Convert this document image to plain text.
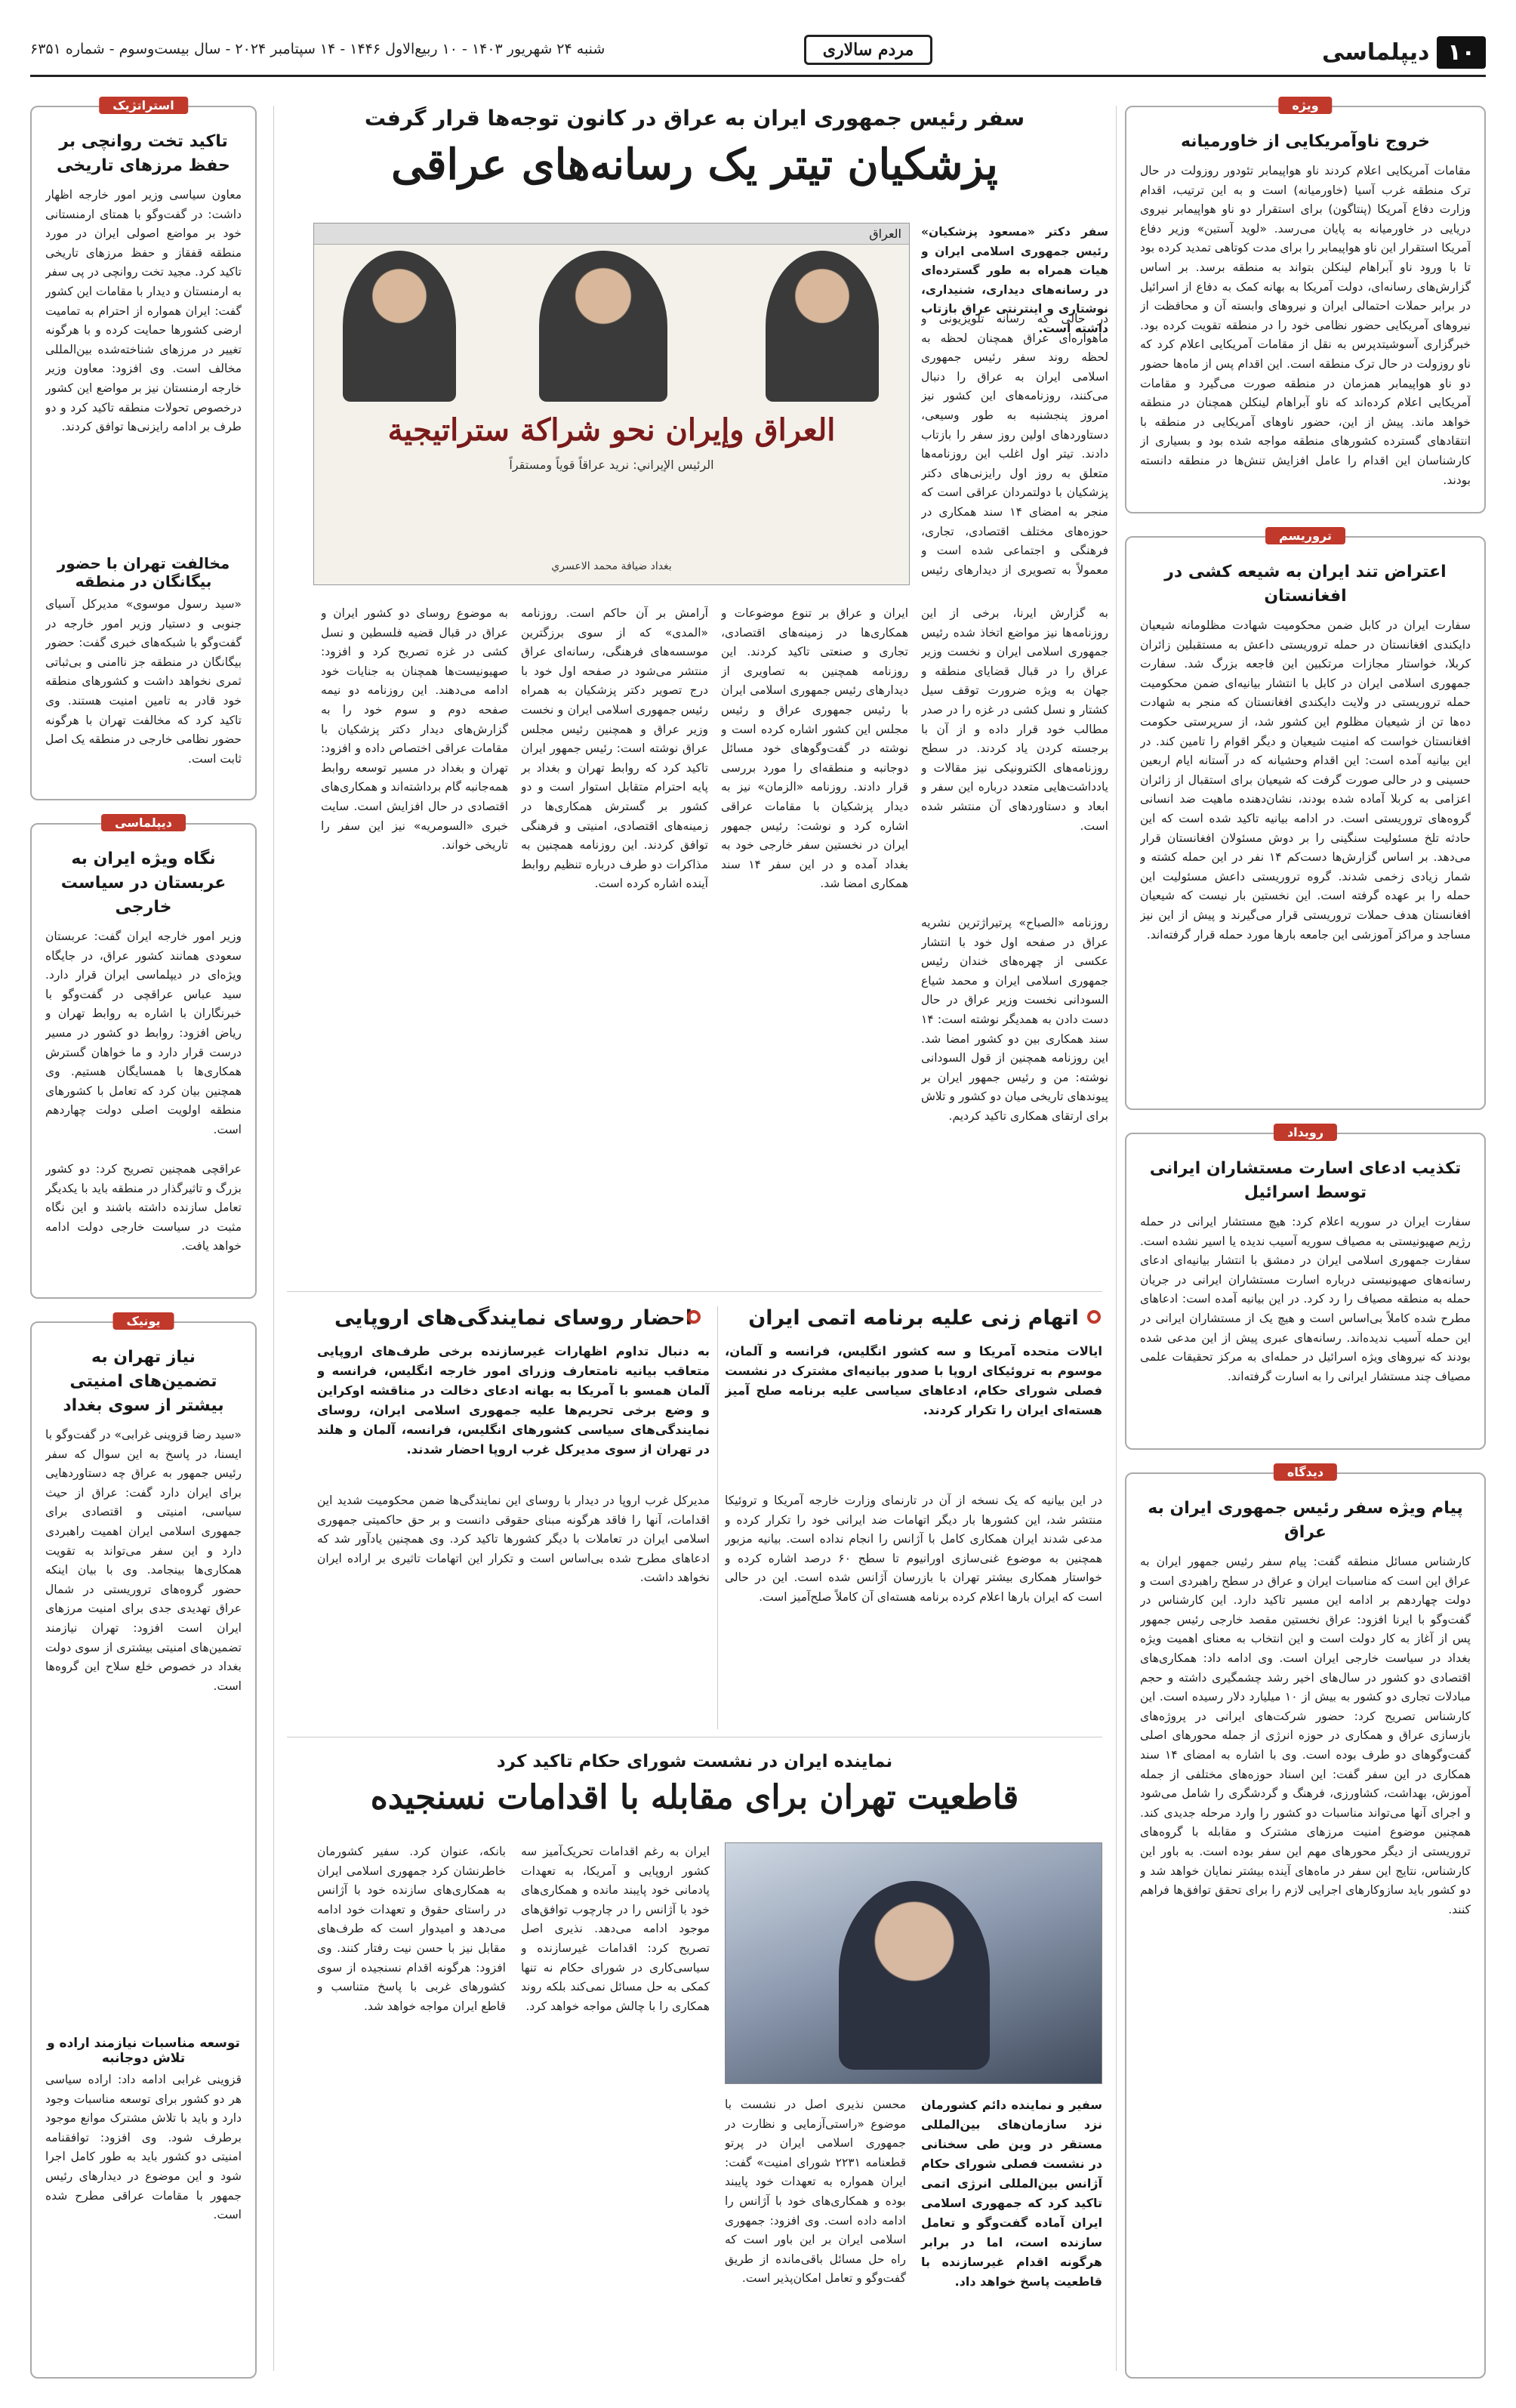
۱۰
دیپلماسی
مردم سالاری
شنبه ۲۴ شهریور ۱۴۰۳ - ۱۰ ربیع‌الاول ۱۴۴۶ - ۱۴ سپتامبر ۲۰۲۴ - سال بیست‌وسوم - شماره ۶۳۵۱
ویژه
خروج ناوآمریکایی از خاورمیانه
مقامات آمریکایی اعلام کردند ناو هواپیمابر تئودور روزولت در حال ترک منطقه غرب آسیا (خاورمیانه) است و به این ترتیب، اقدام وزارت دفاع آمریکا (پنتاگون) برای استقرار دو ناو هواپیمابر نیروی دریایی در خاورمیانه به پایان می‌رسد. «لوید آستین» وزیر دفاع آمریکا استقرار این ناو هواپیمابر را برای مدت کوتاهی تمدید کرده بود تا با ورود ناو آبراهام لینکلن بتواند به منطقه برسد. بر اساس گزارش‌های رسانه‌ای، دولت آمریکا به بهانه کمک به دفاع از اسرائیل در برابر حملات احتمالی ایران و نیروهای وابسته آن و محافظت از نیروهای آمریکایی حضور نظامی خود را در منطقه تقویت کرده بود. خبرگزاری آسوشیتدپرس به نقل از مقامات آمریکایی اعلام کرد که ناو روزولت در حال ترک منطقه است. این اقدام پس از ماه‌ها حضور دو ناو هواپیمابر همزمان در منطقه صورت می‌گیرد و مقامات آمریکایی اعلام کرده‌اند که ناو آبراهام لینکلن همچنان در منطقه خواهد ماند. پیش از این، حضور ناوهای آمریکایی در منطقه با انتقادهای گسترده کشورهای منطقه مواجه شده بود و بسیاری از کارشناسان این اقدام را عامل افزایش تنش‌ها در منطقه دانسته بودند.
تروریسم
اعتراض تند ایران به شیعه کشی در افغانستان
سفارت ایران در کابل ضمن محکومیت شهادت مظلومانه شیعیان دایکندی افغانستان در حمله تروریستی داعش به مستقبلین زائران کربلا، خواستار مجازات مرتکبین این فاجعه بزرگ شد. سفارت جمهوری اسلامی ایران در کابل با انتشار بیانیه‌ای ضمن محکومیت حمله تروریستی در ولایت دایکندی افغانستان که منجر به شهادت ده‌ها تن از شیعیان مظلوم این کشور شد، از سرپرستی حکومت افغانستان خواست که امنیت شیعیان و دیگر اقوام را تامین کند. در این بیانیه آمده است: این اقدام وحشیانه که در آستانه ایام اربعین حسینی و در حالی صورت گرفت که شیعیان برای استقبال از زائران اعزامی به کربلا آماده شده بودند، نشان‌دهنده ماهیت ضد انسانی گروه‌های تروریستی است. در ادامه بیانیه تاکید شده است که این حادثه تلخ مسئولیت سنگینی را بر دوش مسئولان افغانستان قرار می‌دهد. بر اساس گزارش‌ها دست‌کم ۱۴ نفر در این حمله کشته و شمار زیادی زخمی شدند. گروه تروریستی داعش مسئولیت این حمله را بر عهده گرفته است. این نخستین بار نیست که شیعیان افغانستان هدف حملات تروریستی قرار می‌گیرند و پیش از این نیز مساجد و مراکز آموزشی این جامعه بارها مورد حمله قرار گرفته‌اند.
رویداد
تکذیب ادعای اسارت مستشاران ایرانی توسط اسرائیل
سفارت ایران در سوریه اعلام کرد: هیچ مستشار ایرانی در حمله رژیم صهیونیستی به مصیاف سوریه آسیب ندیده یا اسیر نشده است. سفارت جمهوری اسلامی ایران در دمشق با انتشار بیانیه‌ای ادعای رسانه‌های صهیونیستی درباره اسارت مستشاران ایرانی در جریان حمله به منطقه مصیاف را رد کرد. در این بیانیه آمده است: ادعاهای مطرح شده کاملاً بی‌اساس است و هیچ یک از مستشاران ایرانی در این حمله آسیب ندیده‌اند. رسانه‌های عبری پیش از این مدعی شده بودند که نیروهای ویژه اسرائیل در حمله‌ای به مرکز تحقیقات علمی مصیاف چند مستشار ایرانی را به اسارت گرفته‌اند.
دیدگاه
پیام ویژه سفر رئیس جمهوری ایران به عراق
کارشناس مسائل منطقه گفت: پیام سفر رئیس جمهور ایران به عراق این است که مناسبات ایران و عراق در سطح راهبردی است و دولت چهاردهم بر ادامه این مسیر تاکید دارد. این کارشناس در گفت‌وگو با ایرنا افزود: عراق نخستین مقصد خارجی رئیس جمهور پس از آغاز به کار دولت است و این انتخاب به معنای اهمیت ویژه بغداد در سیاست خارجی ایران است. وی ادامه داد: همکاری‌های اقتصادی دو کشور در سال‌های اخیر رشد چشمگیری داشته و حجم مبادلات تجاری دو کشور به بیش از ۱۰ میلیارد دلار رسیده است. این کارشناس تصریح کرد: حضور شرکت‌های ایرانی در پروژه‌های بازسازی عراق و همکاری در حوزه انرژی از جمله محورهای اصلی گفت‌وگوهای دو طرف بوده است. وی با اشاره به امضای ۱۴ سند همکاری در این سفر گفت: این اسناد حوزه‌های مختلفی از جمله آموزش، بهداشت، کشاورزی، فرهنگ و گردشگری را شامل می‌شود و اجرای آنها می‌تواند مناسبات دو کشور را وارد مرحله جدیدی کند. همچنین موضوع امنیت مرزهای مشترک و مقابله با گروه‌های تروریستی از دیگر محورهای مهم این سفر بوده است. به باور این کارشناس، نتایج این سفر در ماه‌های آینده بیشتر نمایان خواهد شد و دو کشور باید سازوکارهای اجرایی لازم را برای تحقق توافق‌ها فراهم کنند.
استراتژیک
تاکید تخت روانچی بر حفظ مرزهای تاریخی
معاون سیاسی وزیر امور خارجه اظهار داشت: در گفت‌وگو با همتای ارمنستانی خود بر مواضع اصولی ایران در مورد منطقه قفقاز و حفظ مرزهای تاریخی تاکید کرد. مجید تخت روانچی در پی سفر به ارمنستان و دیدار با مقامات این کشور گفت: ایران همواره از احترام به تمامیت ارضی کشورها حمایت کرده و با هرگونه تغییر در مرزهای شناخته‌شده بین‌المللی مخالف است. وی افزود: معاون وزیر خارجه ارمنستان نیز بر مواضع این کشور درخصوص تحولات منطقه تاکید کرد و دو طرف بر ادامه رایزنی‌ها توافق کردند.
مخالفت تهران با حضور بیگانگان در منطقه
«سید رسول موسوی» مدیرکل آسیای جنوبی و دستیار وزیر امور خارجه در گفت‌وگو با شبکه‌های خبری گفت: حضور بیگانگان در منطقه جز ناامنی و بی‌ثباتی ثمری نخواهد داشت و کشورهای منطقه خود قادر به تامین امنیت هستند. وی تاکید کرد که مخالفت تهران با هرگونه حضور نظامی خارجی در منطقه یک اصل ثابت است.
دیپلماسی
نگاه ویژه ایران به عربستان در سیاست خارجی
وزیر امور خارجه ایران گفت: عربستان سعودی همانند کشور عراق، در جایگاه ویژه‌ای در دیپلماسی ایران قرار دارد. سید عباس عراقچی در گفت‌وگو با خبرنگاران با اشاره به روابط تهران و ریاض افزود: روابط دو کشور در مسیر درست قرار دارد و ما خواهان گسترش همکاری‌ها با همسایگان هستیم. وی همچنین بیان کرد که تعامل با کشورهای منطقه اولویت اصلی دولت چهاردهم است.
عراقچی همچنین تصریح کرد: دو کشور بزرگ و تاثیرگذار در منطقه باید با یکدیگر تعامل سازنده داشته باشند و این نگاه مثبت در سیاست خارجی دولت ادامه خواهد یافت.
یونیک
نیاز تهران به تضمین‌های امنیتی بیشتر از سوی بغداد
«سید رضا قزوینی غرابی» در گفت‌وگو با ایسنا، در پاسخ به این سوال که سفر رئیس جمهور به عراق چه دستاوردهایی برای ایران دارد گفت: عراق از حیث سیاسی، امنیتی و اقتصادی برای جمهوری اسلامی ایران اهمیت راهبردی دارد و این سفر می‌تواند به تقویت همکاری‌ها بینجامد. وی با بیان اینکه حضور گروه‌های تروریستی در شمال عراق تهدیدی جدی برای امنیت مرزهای ایران است افزود: تهران نیازمند تضمین‌های امنیتی بیشتری از سوی دولت بغداد در خصوص خلع سلاح این گروه‌ها است.
توسعه مناسبات نیازمند اراده و تلاش دوجانبه
قزوینی غرابی ادامه داد: اراده سیاسی هر دو کشور برای توسعه مناسبات وجود دارد و باید با تلاش مشترک موانع موجود برطرف شود. وی افزود: توافقنامه امنیتی دو کشور باید به طور کامل اجرا شود و این موضوع در دیدارهای رئیس جمهور با مقامات عراقی مطرح شده است.
سفر رئیس جمهوری ایران به عراق در کانون توجه‌ها قرار گرفت
پزشکیان تیتر یک رسانه‌های عراقی
سفر دکتر «مسعود پزشکیان» رئیس جمهوری اسلامی ایران و هیات همراه به طور گسترده‌ای در رسانه‌های دیداری، شنیداری، نوشتاری و اینترنتی عراق بازتاب داشته است.
در حالی که رسانه تلویزیونی و ماهواره‌ای عراق همچنان لحظه به لحظه روند سفر رئیس جمهوری اسلامی ایران به عراق را دنبال می‌کنند، روزنامه‌های این کشور نیز امروز پنجشنبه به طور وسیعی، دستاوردهای اولین روز سفر را بازتاب دادند. تیتر اول اغلب این روزنامه‌ها متعلق به روز اول رایزنی‌های دکتر پزشکیان با دولتمردان عراقی است که منجر به امضای ۱۴ سند همکاری در حوزه‌های مختلف اقتصادی، تجاری، فرهنگی و اجتماعی شده است و معمولاً به تصویری از دیدارهای رئیس
العراق
العراق وإيران نحو شراكة ستراتيجية
الرئيس الإيراني: نريد عراقاً قوياً ومستقراً
بغداد ضيافة محمد الاعسري
به گزارش ایرنا، برخی از این روزنامه‌ها نیز مواضع اتخاذ شده رئیس جمهوری اسلامی ایران و نخست وزیر عراق را در قبال قضایای منطقه و جهان به ویژه ضرورت توقف سیل کشتار و نسل کشی در غزه را در صدر مطالب خود قرار داده و از آن با برجسته کردن یاد کردند. در سطح روزنامه‌های الکترونیکی نیز مقالات و یادداشت‌هایی متعدد درباره این سفر و ابعاد و دستاوردهای آن منتشر شده است.
روزنامه «الصباح» پرتیراژترین نشریه عراق در صفحه اول خود با انتشار عکسی از چهره‌های خندان رئیس جمهوری اسلامی ایران و محمد شیاع السودانی نخست وزیر عراق در حال دست دادن به همدیگر نوشته است: ۱۴ سند همکاری بین دو کشور امضا شد. این روزنامه همچنین از قول السودانی نوشته: من و رئیس جمهور ایران بر پیوندهای تاریخی میان دو کشور و تلاش برای ارتقای همکاری تاکید کردیم.
ایران و عراق بر تنوع موضوعات و همکاری‌ها در زمینه‌های اقتصادی، تجاری و صنعتی تاکید کردند. این روزنامه همچنین به تصاویری از دیدارهای رئیس جمهوری اسلامی ایران با رئیس جمهوری عراق و رئیس مجلس این کشور اشاره کرده است و نوشته در گفت‌وگوهای خود مسائل دوجانبه و منطقه‌ای را مورد بررسی قرار دادند. روزنامه «الزمان» نیز به دیدار پزشکیان با مقامات عراقی اشاره کرد و نوشت: رئیس جمهور ایران در نخستین سفر خارجی خود به بغداد آمده و در این سفر ۱۴ سند همکاری امضا شد.
آرامش بر آن حاکم است. روزنامه «المدی» که از سوی برزگترین موسسه‌های فرهنگی، رسانه‌ای عراق منتشر می‌شود در صفحه اول خود با درج تصویر دکتر پزشکیان به همراه رئیس جمهوری اسلامی ایران و نخست وزیر عراق و همچنین رئیس مجلس عراق نوشته است: رئیس جمهور ایران تاکید کرد که روابط تهران و بغداد بر پایه احترام متقابل استوار است و دو کشور بر گسترش همکاری‌ها در زمینه‌های اقتصادی، امنیتی و فرهنگی توافق کردند. این روزنامه همچنین به مذاکرات دو طرف درباره تنظیم روابط آینده اشاره کرده است.
به موضوع روسای دو کشور ایران و عراق در قبال قضیه فلسطین و نسل کشی در غزه تصریح کرد و افزود: صهیونیست‌ها همچنان به جنایات خود ادامه می‌دهند. این روزنامه دو نیمه صفحه دوم و سوم خود را به گزارش‌های دیدار دکتر پزشکیان با مقامات عراقی اختصاص داده و افزود: تهران و بغداد در مسیر توسعه روابط همه‌جانبه گام برداشته‌اند و همکاری‌های اقتصادی در حال افزایش است. سایت خبری «السومریه» نیز این سفر را تاریخی خواند.
اتهام زنی علیه برنامه اتمی ایران
ایالات متحده آمریکا و سه کشور انگلیس، فرانسه و آلمان، موسوم به تروئیکای اروپا با صدور بیانیه‌ای مشترک در نشست فصلی شورای حکام، ادعاهای سیاسی علیه برنامه صلح آمیز هسته‌ای ایران را تکرار کردند.
در این بیانیه که یک نسخه از آن در تارنمای وزارت خارجه آمریکا و تروئیکا منتشر شد، این کشورها بار دیگر اتهامات ضد ایرانی خود را تکرار کرده و مدعی شدند ایران همکاری کامل با آژانس را انجام نداده است. بیانیه مزبور همچنین به موضوع غنی‌سازی اورانیوم تا سطح ۶۰ درصد اشاره کرده و خواستار همکاری بیشتر تهران با بازرسان آژانس شده است. این در حالی است که ایران بارها اعلام کرده برنامه هسته‌ای آن کاملاً صلح‌آمیز است.
احضار روسای نمایندگی‌های اروپایی
به دنبال تداوم اظهارات غیرسازنده برخی طرف‌های اروپایی متعاقب بیانیه نامتعارف وزرای امور خارجه انگلیس، فرانسه و آلمان همسو با آمریکا به بهانه ادعای دخالت در مناقشه اوکراین و وضع برخی تحریم‌ها علیه جمهوری اسلامی ایران، روسای نمایندگی‌های سیاسی کشورهای انگلیس، فرانسه، آلمان و هلند در تهران از سوی مدیرکل غرب اروپا احضار شدند.
مدیرکل غرب اروپا در دیدار با روسای این نمایندگی‌ها ضمن محکومیت شدید این اقدامات، آنها را فاقد هرگونه مبنای حقوقی دانست و بر حق حاکمیتی جمهوری اسلامی ایران در تعاملات با دیگر کشورها تاکید کرد. وی همچنین یادآور شد که ادعاهای مطرح شده بی‌اساس است و تکرار این اتهامات تاثیری بر اراده ایران نخواهد داشت.
نماینده ایران در نشست شورای حکام تاکید کرد
قاطعیت تهران برای مقابله با اقدامات نسنجیده
سفیر و نماینده دائم کشورمان نزد سازمان‌های بین‌المللی مستقر در وین طی سخنانی در نشست فصلی شورای حکام آژانس بین‌المللی انرژی اتمی تاکید کرد که جمهوری اسلامی ایران آماده گفت‌وگو و تعامل سازنده است، اما در برابر هرگونه اقدام غیرسازنده با قاطعیت پاسخ خواهد داد.
محسن نذیری اصل در نشست با موضوع «راستی‌آزمایی و نظارت در جمهوری اسلامی ایران در پرتو قطعنامه ۲۲۳۱ شورای امنیت» گفت: ایران همواره به تعهدات خود پایبند بوده و همکاری‌های خود با آژانس را ادامه داده است. وی افزود: جمهوری اسلامی ایران بر این باور است که راه حل مسائل باقی‌مانده از طریق گفت‌وگو و تعامل امکان‌پذیر است.
ایران به رغم اقدامات تحریک‌آمیز سه کشور اروپایی و آمریکا، به تعهدات پادمانی خود پایبند مانده و همکاری‌های خود با آژانس را در چارچوب توافق‌های موجود ادامه می‌دهد. نذیری اصل تصریح کرد: اقدامات غیرسازنده و سیاسی‌کاری در شورای حکام نه تنها کمکی به حل مسائل نمی‌کند بلکه روند همکاری را با چالش مواجه خواهد کرد.
بانکه، عنوان کرد. سفیر کشورمان خاطرنشان کرد جمهوری اسلامی ایران به همکاری‌های سازنده خود با آژانس در راستای حقوق و تعهدات خود ادامه می‌دهد و امیدوار است که طرف‌های مقابل نیز با حسن نیت رفتار کنند. وی افزود: هرگونه اقدام نسنجیده از سوی کشورهای غربی با پاسخ متناسب و قاطع ایران مواجه خواهد شد.
